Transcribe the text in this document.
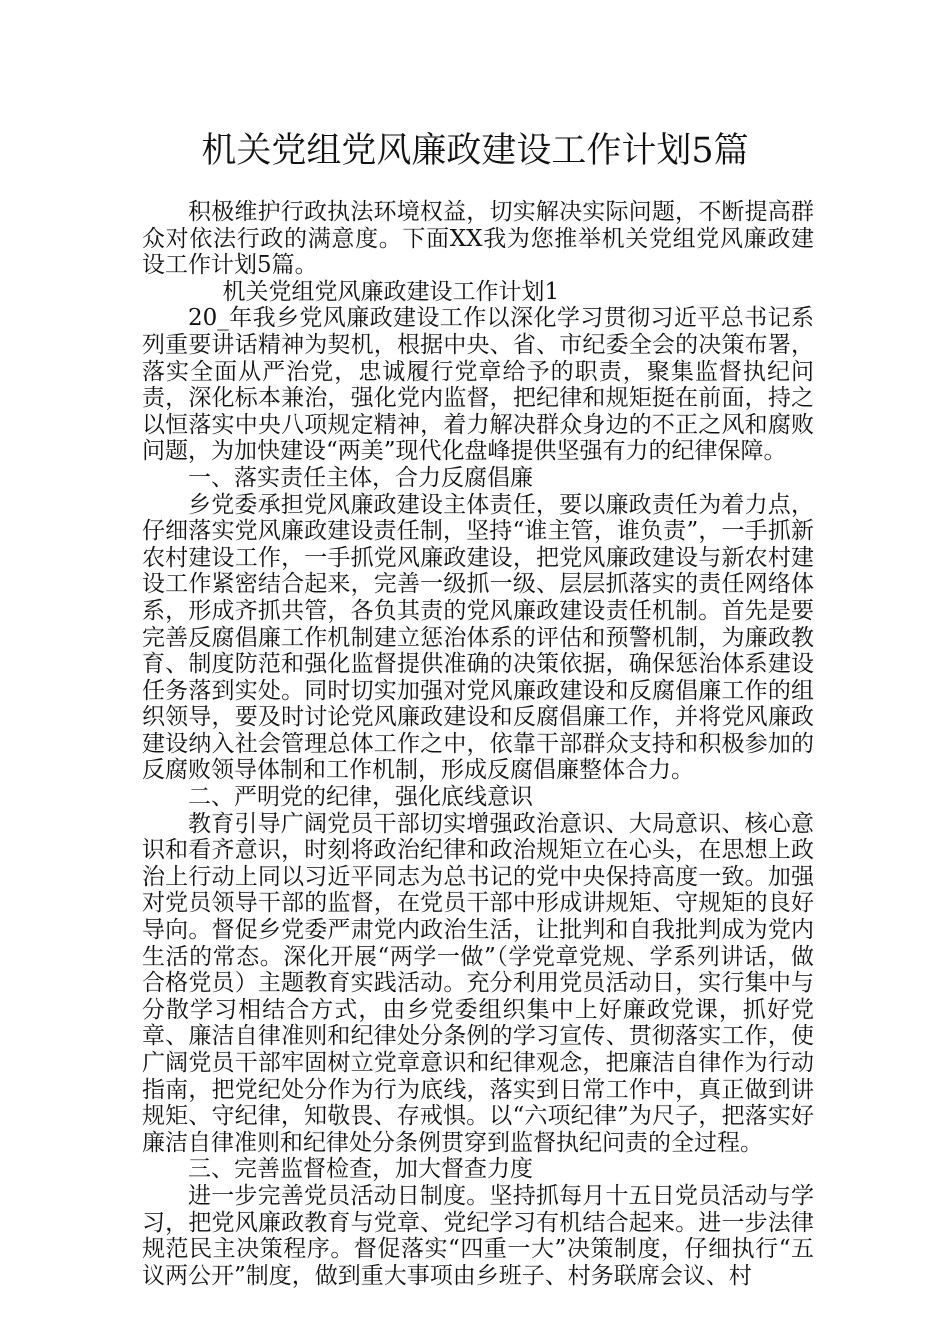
机关党组党风廉政建设工作计划5篇

积极维护行政执法环境权益，切实解决实际问题，不断提高群众对依法行政的满意度。下面XX我为您推举机关党组党风廉政建设工作计划5篇。

机关党组党风廉政建设工作计划1

20_年我乡党风廉政建设工作以深化学习贯彻习近平总书记系列重要讲话精神为契机，根据中央、省、市纪委全会的决策布署，落实全面从严治党，忠诚履行党章给予的职责，聚集监督执纪问责，深化标本兼治，强化党内监督，把纪律和规矩挺在前面，持之以恒落实中央八项规定精神，着力解决群众身边的不正之风和腐败问题，为加快建设“两美”现代化盘峰提供坚强有力的纪律保障。

一、落实责任主体，合力反腐倡廉

乡党委承担党风廉政建设主体责任，要以廉政责任为着力点，仔细落实党风廉政建设责任制，坚持“谁主管，谁负责”，一手抓新农村建设工作，一手抓党风廉政建设，把党风廉政建设与新农村建设工作紧密结合起来，完善一级抓一级、层层抓落实的责任网络体系，形成齐抓共管，各负其责的党风廉政建设责任机制。首先是要完善反腐倡廉工作机制建立惩治体系的评估和预警机制，为廉政教育、制度防范和强化监督提供准确的决策依据，确保惩治体系建设任务落到实处。同时切实加强对党风廉政建设和反腐倡廉工作的组织领导，要及时讨论党风廉政建设和反腐倡廉工作，并将党风廉政建设纳入社会管理总体工作之中，依靠干部群众支持和积极参加的反腐败领导体制和工作机制，形成反腐倡廉整体合力。

二、严明党的纪律，强化底线意识

教育引导广阔党员干部切实增强政治意识、大局意识、核心意识和看齐意识，时刻将政治纪律和政治规矩立在心头，在思想上政治上行动上同以习近平同志为总书记的党中央保持高度一致。加强对党员领导干部的监督，在党员干部中形成讲规矩、守规矩的良好导向。督促乡党委严肃党内政治生活，让批判和自我批判成为党内生活的常态。深化开展“两学一做”（学党章党规、学系列讲话，做合格党员）主题教育实践活动。充分利用党员活动日，实行集中与分散学习相结合方式，由乡党委组织集中上好廉政党课，抓好党章、廉洁自律准则和纪律处分条例的学习宣传、贯彻落实工作，使广阔党员干部牢固树立党章意识和纪律观念，把廉洁自律作为行动指南，把党纪处分作为行为底线，落实到日常工作中，真正做到讲规矩、守纪律，知敬畏、存戒惧。以“六项纪律”为尺子，把落实好廉洁自律准则和纪律处分条例贯穿到监督执纪问责的全过程。

三、完善监督检查，加大督查力度

进一步完善党员活动日制度。坚持抓每月十五日党员活动与学习，把党风廉政教育与党章、党纪学习有机结合起来。进一步法律规范民主决策程序。督促落实“四重一大”决策制度，仔细执行“五议两公开”制度，做到重大事项由乡班子、村务联席会议、村
